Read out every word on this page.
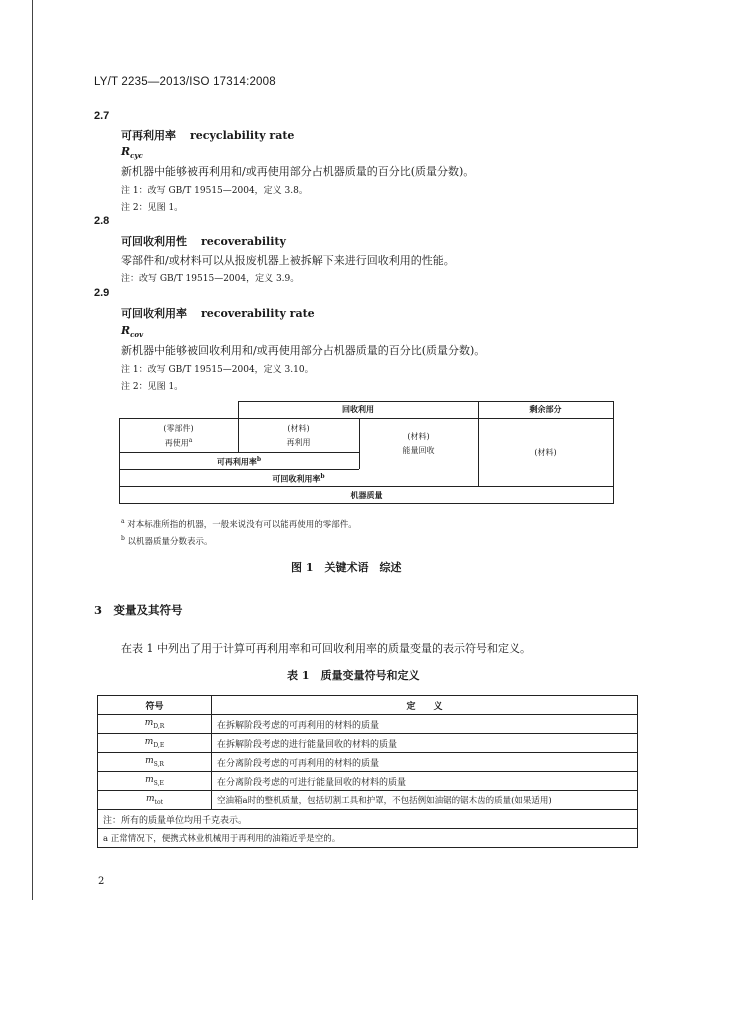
LY/T 2235—2013/ISO 17314:2008
2.7
可再利用率 recyclability rate
$R_{cyc}$
新机器中能够被再利用和/或再使用部分占机器质量的百分比(质量分数)。
注 1：改写 GB/T 19515—2004，定义 3.8。
注 2：见图 1。
2.8
可回收利用性 recoverability
零部件和/或材料可以从报废机器上被拆解下来进行回收利用的性能。
注：改写 GB/T 19515—2004，定义 3.9。
2.9
可回收利用率 recoverability rate
$R_{cov}$
新机器中能够被回收利用和/或再使用部分占机器质量的百分比(质量分数)。
注 1：改写 GB/T 19515—2004，定义 3.10。
注 2：见图 1。
回收利用	剩余部分
(零部件)
再使用$^a$
(材料)
再利用
(材料)
能量回收	(材料)
可再利用率$^b$
可回收利用率$^b$
机器质量
$^a$ 对本标准所指的机器，一般来说没有可以能再使用的零部件。
$^b$ 以机器质量分数表示。
图 1　关键术语　综述
3　变量及其符号
在表 1 中列出了用于计算可再利用率和可回收利用率的质量变量的表示符号和定义。
表 1　质量变量符号和定义
符号	定　　义
$m_{D,R}$	在拆解阶段考虑的可再利用的材料的质量
$m_{D,E}$	在拆解阶段考虑的进行能量回收的材料的质量
$m_{S,R}$	在分离阶段考虑的可再利用的材料的质量
$m_{S,E}$	在分离阶段考虑的可进行能量回收的材料的质量
$m_{tot}$	空油箱a时的整机质量，包括切割工具和护罩，不包括例如油锯的锯木齿的质量(如果适用)
注：所有的质量单位均用千克表示。	
a 正常情况下，便携式林业机械用于再利用的油箱近乎是空的。	
2
